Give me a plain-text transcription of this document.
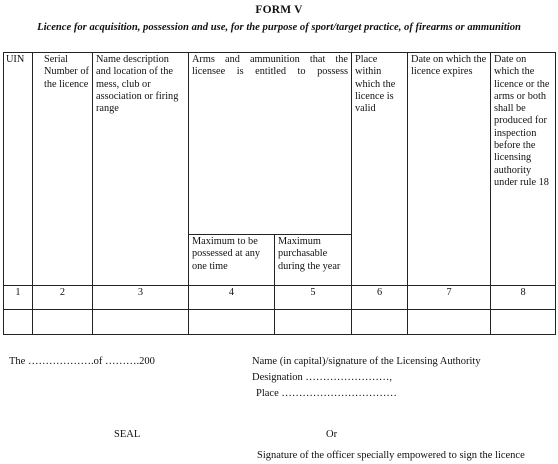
FORM V
Licence for acquisition, possession and use, for the purpose of sport/target practice, of firearms or ammunition
UIN	Serial Number of the licence	Name description and location of the mess, club or association or firing range	Arms and ammunition that the licensee is entitled to possess		Place within which the licence is valid	Date on which the licence expires	Date on which the licence or the arms or both shall be produced for inspection before the licensing authority under rule 18
			Maximum to be possessed at any one time	Maximum purchasable during the year			
1	2	3	4	5	6	7	8

The ……………….of ……….200	Name (in capital)/signature of the Licensing Authority
Designation ……………………,
Place ……………………………
SEAL	Or
Signature of the officer specially empowered to sign the licence
